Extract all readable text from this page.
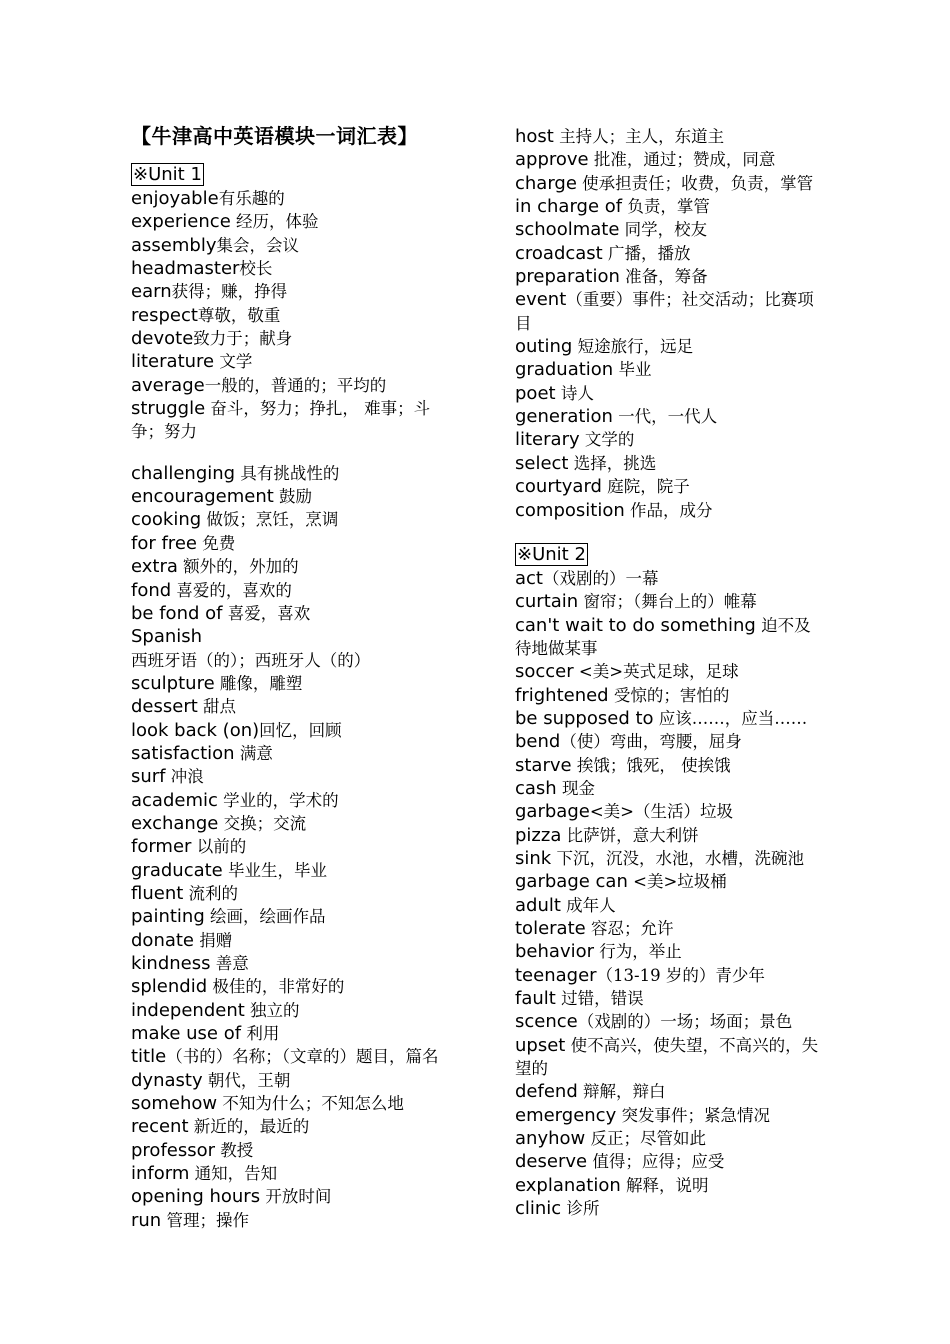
【牛津高中英语模块一词汇表】
※Unit 1

enjoyable有乐趣的

experience 经历，体验

assembly集会，会议

headmaster校长

earn获得；赚，挣得

respect尊敬，敬重

devote致力于；献身

literature 文学

average一般的，普通的；平均的

struggle 奋斗，努力；挣扎， 难事；斗争；努力

challenging 具有挑战性的

encouragement 鼓励

cooking 做饭；烹饪，烹调

for free 免费

extra 额外的，外加的

fond 喜爱的，喜欢的

be fond of 喜爱，喜欢

Spanish 西班牙语（的）；西班牙人（的）

sculpture 雕像，雕塑

dessert 甜点

look back (on)回忆，回顾

satisfaction 满意

surf 冲浪

academic 学业的，学术的

exchange 交换；交流

former 以前的

graducate 毕业生，毕业

fluent 流利的

painting 绘画，绘画作品

donate 捐赠

kindness 善意

splendid 极佳的，非常好的

independent 独立的

make use of 利用

title（书的）名称；（文章的）题目，篇名

dynasty 朝代，王朝

somehow 不知为什么；不知怎么地

recent 新近的，最近的

professor 教授

inform 通知，告知

opening hours 开放时间

run 管理；操作

host 主持人；主人，东道主

approve 批准，通过；赞成，同意

charge 使承担责任；收费，负责，掌管

in charge of 负责，掌管

schoolmate 同学，校友

croadcast 广播，播放

preparation 准备，筹备

event（重要）事件；社交活动；比赛项目

outing 短途旅行，远足

graduation 毕业

poet 诗人

generation 一代，一代人

literary 文学的

select 选择，挑选

courtyard 庭院，院子

composition 作品，成分

※Unit 2

act（戏剧的）一幕

curtain 窗帘；（舞台上的）帷幕

can't wait to do something 迫不及待地做某事

soccer <美>英式足球，足球

frightened 受惊的；害怕的

be supposed to 应该……，应当……

bend（使）弯曲，弯腰，屈身

starve 挨饿；饿死， 使挨饿

cash 现金

garbage<美>（生活）垃圾

pizza 比萨饼，意大利饼

sink 下沉，沉没，水池，水槽，洗碗池

garbage can <美>垃圾桶

adult 成年人

tolerate 容忍；允许

behavior 行为，举止

teenager（13-19 岁的）青少年

fault 过错，错误

scence（戏剧的）一场；场面；景色

upset 使不高兴，使失望，不高兴的，失望的

defend 辩解，辩白

emergency 突发事件；紧急情况

anyhow 反正；尽管如此

deserve 值得；应得；应受

explanation 解释，说明

clinic 诊所
